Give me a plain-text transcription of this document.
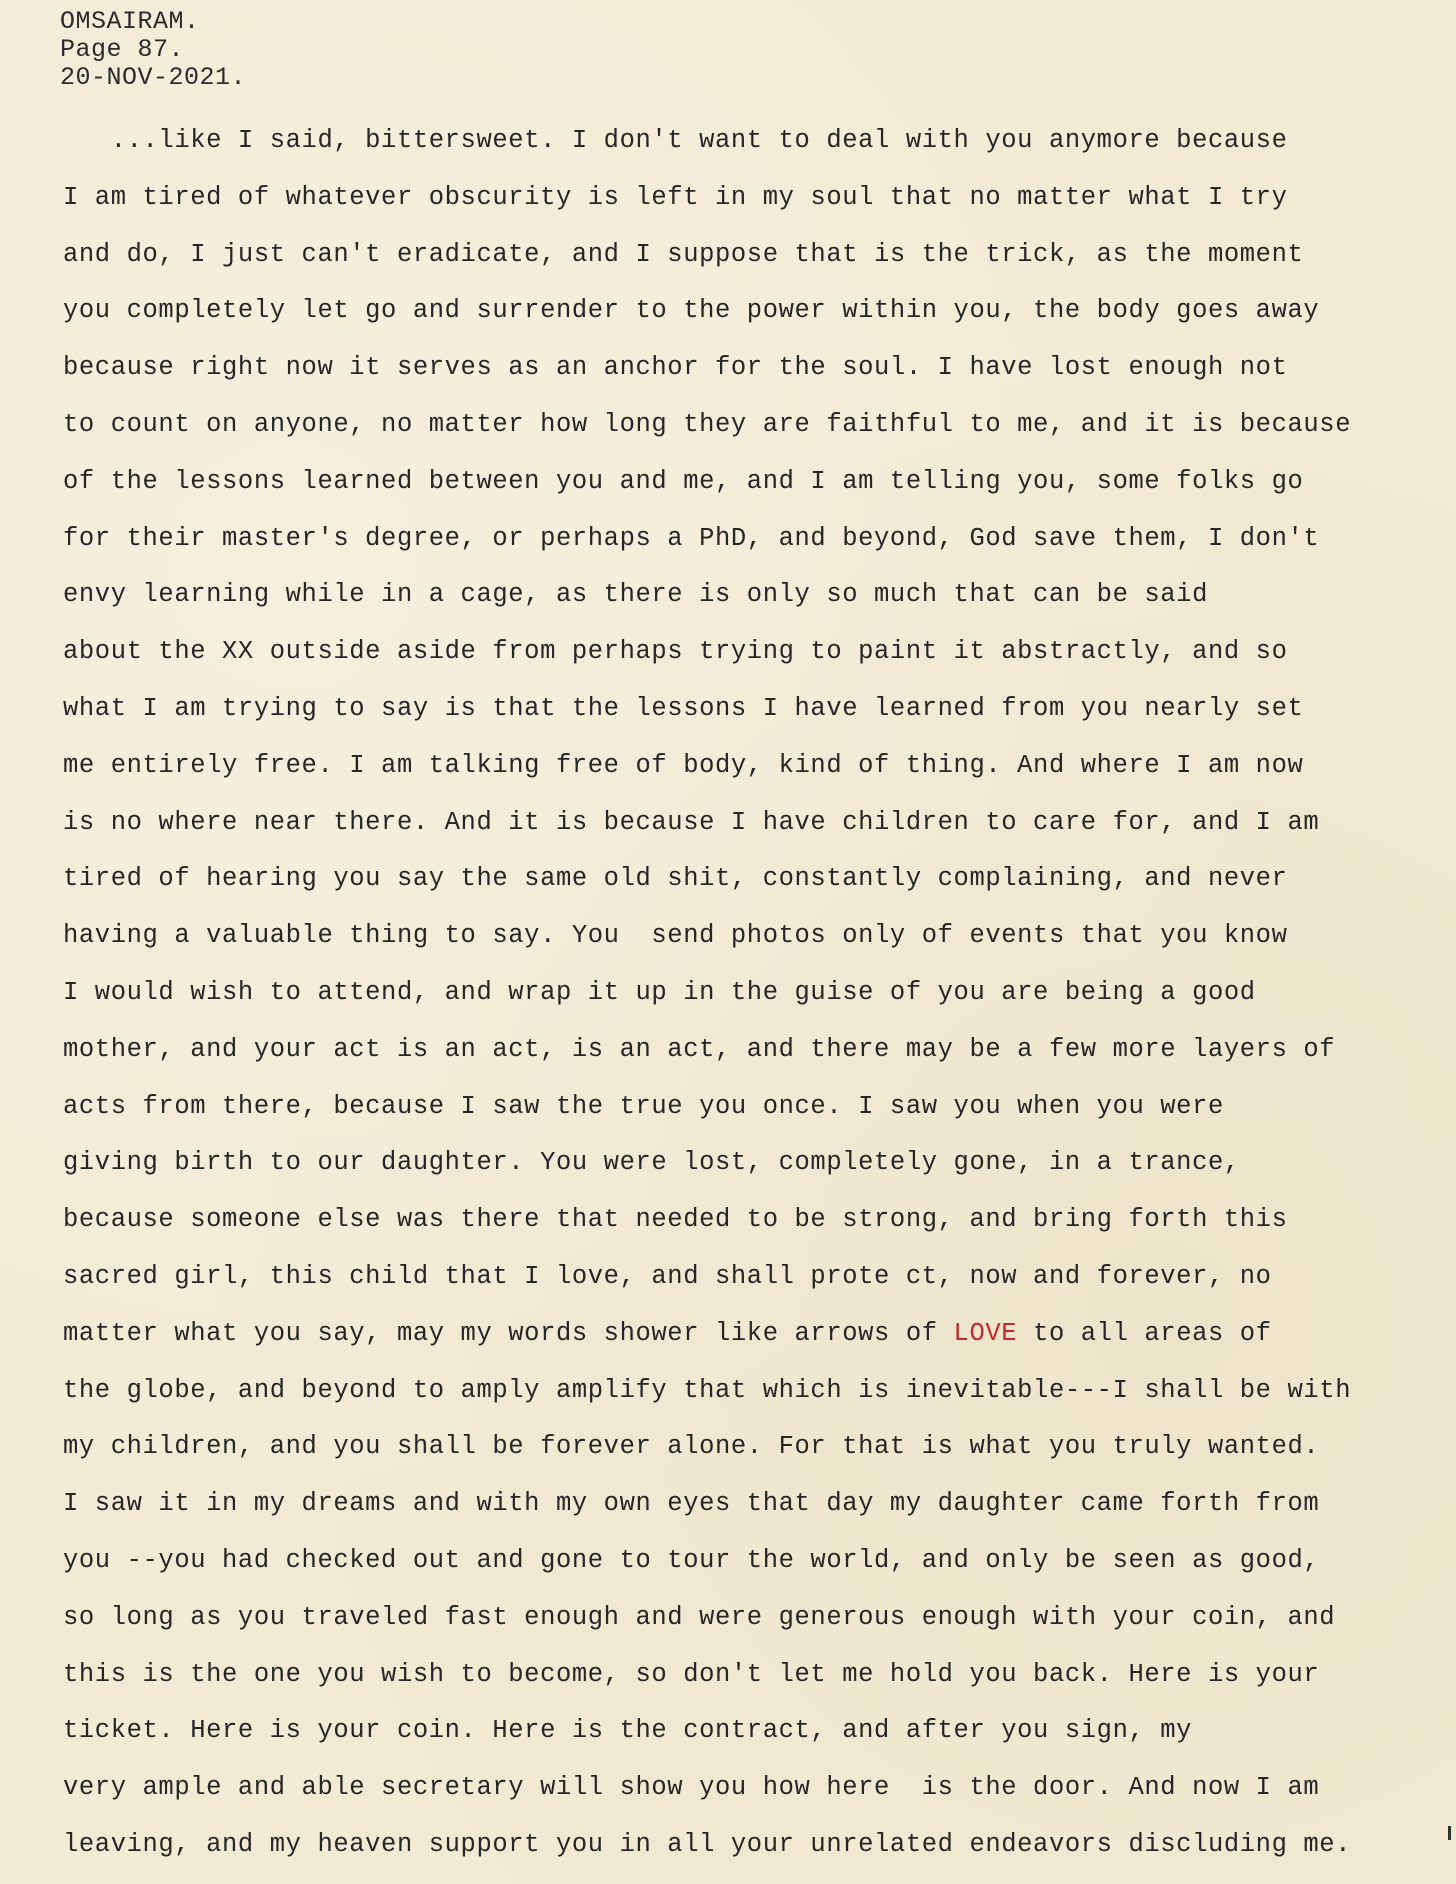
OMSAIRAM.
Page 87.
20-NOV-2021.
...like I said, bittersweet. I don't want to deal with you anymore because
I am tired of whatever obscurity is left in my soul that no matter what I try
and do, I just can't eradicate, and I suppose that is the trick, as the moment
you completely let go and surrender to the power within you, the body goes away
because right now it serves as an anchor for the soul. I have lost enough not
to count on anyone, no matter how long they are faithful to me, and it is because
of the lessons learned between you and me, and I am telling you, some folks go
for their master's degree, or perhaps a PhD, and beyond, God save them, I don't
envy learning while in a cage, as there is only so much that can be said
about the XX outside aside from perhaps trying to paint it abstractly, and so
what I am trying to say is that the lessons I have learned from you nearly set
me entirely free. I am talking free of body, kind of thing. And where I am now
is no where near there. And it is because I have children to care for, and I am
tired of hearing you say the same old shit, constantly complaining, and never
having a valuable thing to say. You  send photos only of events that you know
I would wish to attend, and wrap it up in the guise of you are being a good
mother, and your act is an act, is an act, and there may be a few more layers of
acts from there, because I saw the true you once. I saw you when you were
giving birth to our daughter. You were lost, completely gone, in a trance,
because someone else was there that needed to be strong, and bring forth this
sacred girl, this child that I love, and shall prote ct, now and forever, no
matter what you say, may my words shower like arrows of LOVE to all areas of
the globe, and beyond to amply amplify that which is inevitable---I shall be with
my children, and you shall be forever alone. For that is what you truly wanted.
I saw it in my dreams and with my own eyes that day my daughter came forth from
you --you had checked out and gone to tour the world, and only be seen as good,
so long as you traveled fast enough and were generous enough with your coin, and
this is the one you wish to become, so don't let me hold you back. Here is your
ticket. Here is your coin. Here is the contract, and after you sign, my
very ample and able secretary will show you how here  is the door. And now I am
leaving, and my heaven support you in all your unrelated endeavors discluding me.
